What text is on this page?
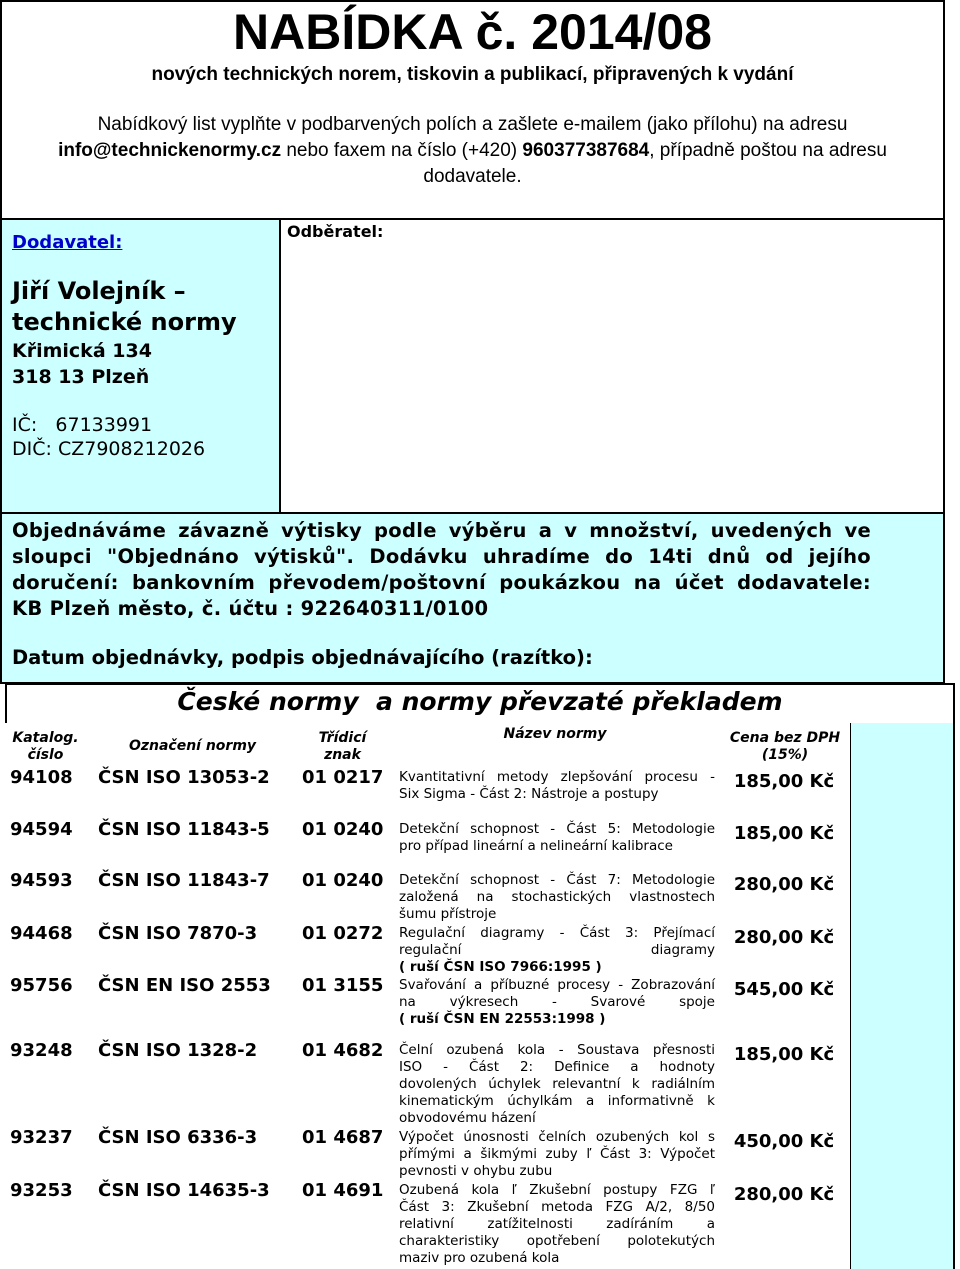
NABÍDKA č. 2014/08
nových technických norem, tiskovin a publikací, připravených k vydání
Nabídkový list vyplňte v podbarvených polích a zašlete e-mailem (jako přílohu) na adresu
info@technickenormy.cz nebo faxem na číslo (+420) 960377387684, případně poštou na adresu dodavatele.
Dodavatel:
Jiří Volejník –
technické normy
Křimická 134
318 13 Plzeň
IČ:   67133991
DIČ: CZ7908212026
Odběratel:
Objednáváme závazně výtisky podle výběru a v množství, uvedených ve sloupci "Objednáno výtisků". Dodávku uhradíme do 14ti dnů od jejího doručení: bankovním převodem/poštovní poukázkou na účet dodavatele: KB Plzeň město, č. účtu : 922640311/0100
Datum objednávky, podpis objednávajícího (razítko):
České normy  a normy převzaté překladem
Katalog. číslo
Označení normy	Třídicí znak
Název normy	Cena bez DPH (15%)
94108 ČSN ISO 13053-2 01 0217 Kvantitativní metody zlepšování procesu -
Six Sigma - Část 2: Nástroje a postupy
185,00 Kč
94594 ČSN ISO 11843-5 01 0240 Detekční schopnost - Část 5: Metodologie
pro případ lineární a nelineární kalibrace
185,00 Kč
94593 ČSN ISO 11843-7 01 0240 Detekční schopnost - Část 7: Metodologie
založená na stochastických vlastnostech
šumu přístroje
280,00 Kč
94468 ČSN ISO 7870-3 01 0272 Regulační diagramy - Část 3: Přejímací
regulační diagramy
( ruší ČSN ISO 7966:1995 )
280,00 Kč
95756 ČSN EN ISO 2553 01 3155 Svařování a příbuzné procesy - Zobrazování
na výkresech - Svarové spoje
( ruší ČSN EN 22553:1998 )
545,00 Kč
93248 ČSN ISO 1328-2 01 4682 Čelní ozubená kola - Soustava přesnosti
ISO - Část 2: Definice a hodnoty
dovolených úchylek relevantní k radiálním
kinematickým úchylkám a informativně k
obvodovému házení
185,00 Kč
93237 ČSN ISO 6336-3 01 4687 Výpočet únosnosti čelních ozubených kol s
přímými a šikmými zuby ľ Část 3: Výpočet
pevnosti v ohybu zubu
450,00 Kč
93253 ČSN ISO 14635-3 01 4691 Ozubená kola ľ Zkušební postupy FZG ľ
Část 3: Zkušební metoda FZG A/2, 8/50
relativní zatížitelnosti zadíráním a
charakteristiky opotřebení polotekutých
maziv pro ozubená kola
280,00 Kč
